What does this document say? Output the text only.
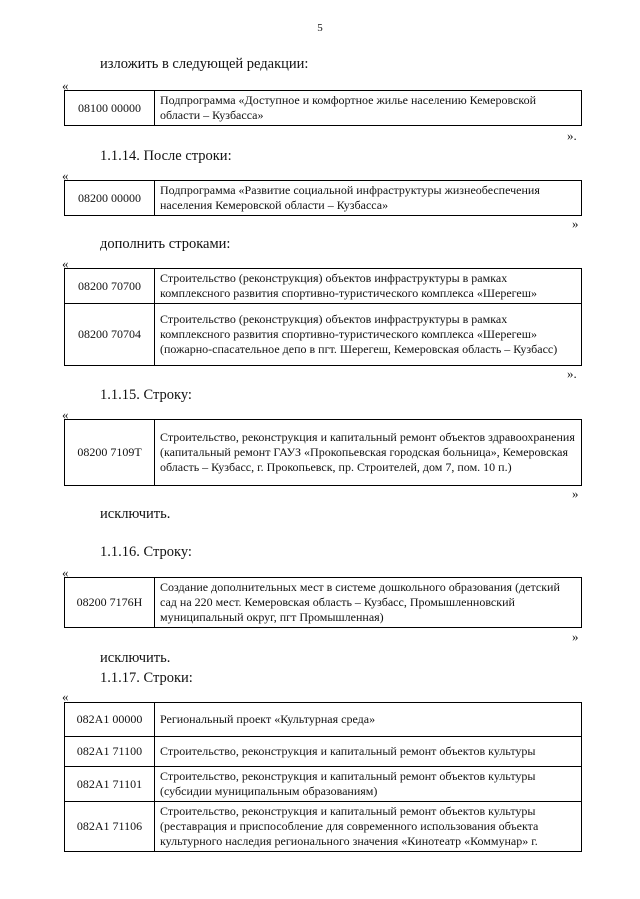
5
изложить в следующей редакции:
«
08100 00000	Подпрограмма «Доступное и комфортное жилье населению Кемеровской области – Кузбасса»
».
1.1.14. После строки:
«
08200 00000	Подпрограмма «Развитие социальной инфраструктуры жизнеобеспечения населения Кемеровской области – Кузбасса»
»
дополнить строками:
«
08200 70700	Строительство (реконструкция) объектов инфраструктуры в рамках комплексного развития спортивно-туристического комплекса «Шерегеш»
08200 70704	Строительство (реконструкция) объектов инфраструктуры в рамках комплексного развития спортивно-туристического комплекса «Шерегеш» (пожарно-спасательное депо в пгт. Шерегеш, Кемеровская область – Кузбасс)
».
1.1.15. Строку:
«
08200 7109Т	Строительство, реконструкция и капитальный ремонт объектов здравоохранения (капитальный ремонт ГАУЗ «Прокопьевская городская больница», Кемеровская область – Кузбасс, г. Прокопьевск, пр. Строителей, дом 7, пом. 10 п.)
»
исключить.
1.1.16. Строку:
«
08200 7176Н	Создание дополнительных мест в системе дошкольного образования (детский сад на 220 мест. Кемеровская область – Кузбасс, Промышленновский муниципальный округ, пгт Промышленная)
»
исключить.
1.1.17. Строки:
«
082А1 00000	Региональный проект «Культурная среда»
082А1 71100	Строительство, реконструкция и капитальный ремонт объектов культуры
082А1 71101	Строительство, реконструкция и капитальный ремонт объектов культуры (субсидии муниципальным образованиям)
082А1 71106	Строительство, реконструкция и капитальный ремонт объектов культуры (реставрация и приспособление для современного использования объекта культурного наследия регионального значения «Кинотеатр «Коммунар» г.
